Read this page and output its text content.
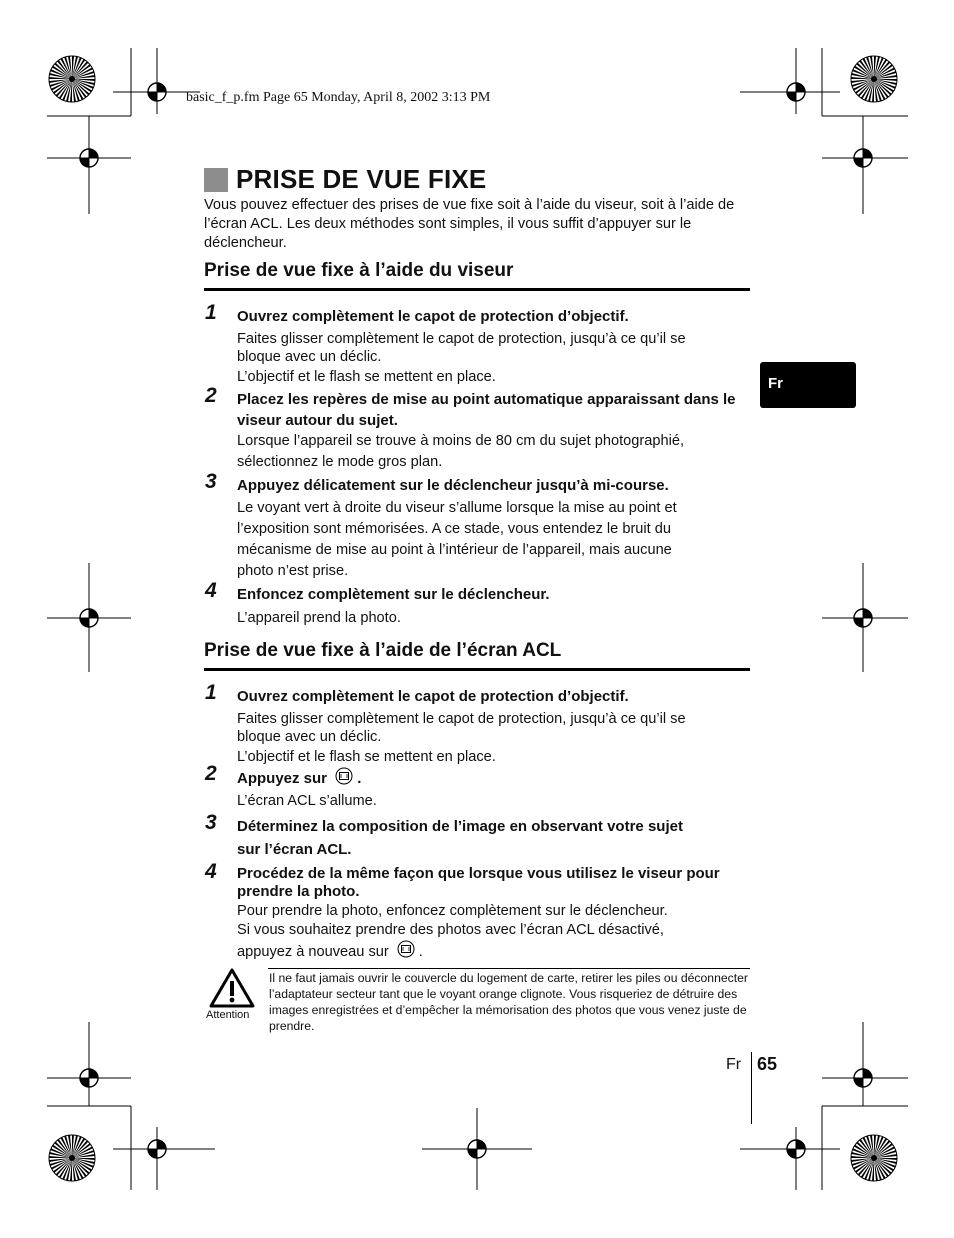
basic_f_p.fm Page 65 Monday, April 8, 2002 3:13 PM
PRISE DE VUE FIXE
Vous pouvez effectuer des prises de vue fixe soit à l’aide du viseur, soit à l’aide de l’écran ACL. Les deux méthodes sont simples, il vous suffit d’appuyer sur le déclencheur.
Prise de vue fixe à l’aide du viseur
1 Ouvrez complètement le capot de protection d’objectif.
Faites glisser complètement le capot de protection, jusqu’à ce qu’il se
bloque avec un déclic.
L’objectif et le flash se mettent en place.
2 Placez les repères de mise au point automatique apparaissant dans le viseur autour du sujet.
Lorsque l’appareil se trouve à moins de 80 cm du sujet photographié,
sélectionnez le mode gros plan.
3 Appuyez délicatement sur le déclencheur jusqu’à mi-course.
Le voyant vert à droite du viseur s’allume lorsque la mise au point et
l’exposition sont mémorisées. A ce stade, vous entendez le bruit du
mécanisme de mise au point à l’intérieur de l’appareil, mais aucune
photo n’est prise.
4 Enfoncez complètement sur le déclencheur.
L’appareil prend la photo.
Prise de vue fixe à l’aide de l’écran ACL
1 Ouvrez complètement le capot de protection d’objectif.
Faites glisser complètement le capot de protection, jusqu’à ce qu’il se
bloque avec un déclic.
L’objectif et le flash se mettent en place.
2 Appuyez sur .
L’écran ACL s’allume.
3 Déterminez la composition de l’image en observant votre sujet
sur l’écran ACL.
4 Procédez de la même façon que lorsque vous utilisez le viseur pour prendre la photo.
Pour prendre la photo, enfoncez complètement sur le déclencheur.
Si vous souhaitez prendre des photos avec l’écran ACL désactivé,
appuyez à nouveau sur .
Attention
Il ne faut jamais ouvrir le couvercle du logement de carte, retirer les piles ou déconnecter l’adaptateur secteur tant que le voyant orange clignote. Vous risqueriez de détruire des images enregistrées et d’empêcher la mémorisation des photos que vous venez juste de prendre.
Fr
Fr 65
